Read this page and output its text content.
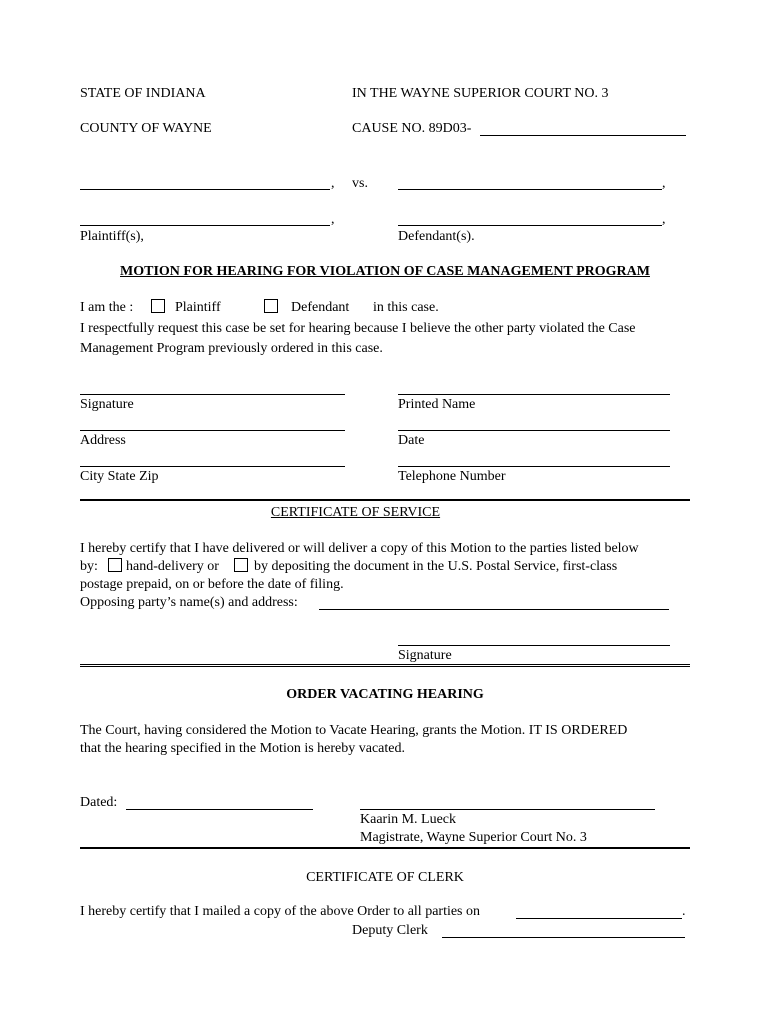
STATE OF INDIANA	IN THE WAYNE SUPERIOR COURT NO. 3
COUNTY OF WAYNE	CAUSE NO. 89D03-
, vs.	,
,	,
Plaintiff(s),	Defendant(s).
MOTION FOR HEARING FOR VIOLATION OF CASE MANAGEMENT PROGRAM
I am the :	Plaintiff	Defendant in this case.
I respectfully request this case be set for hearing because I believe the other party violated the Case
Management Program previously ordered in this case.
Signature	Printed Name
Address	Date
City State Zip	Telephone Number
CERTIFICATE OF SERVICE
I hereby certify that I have delivered or will deliver a copy of this Motion to the parties listed below
by: hand-delivery or	by depositing the document in the U.S. Postal Service, first-class
postage prepaid, on or before the date of filing.
Opposing party’s name(s) and address:
Signature
ORDER VACATING HEARING
The Court, having considered the Motion to Vacate Hearing, grants the Motion. IT IS ORDERED
that the hearing specified in the Motion is hereby vacated.
Dated:
Kaarin M. Lueck
Magistrate, Wayne Superior Court No. 3
CERTIFICATE OF CLERK
I hereby certify that I mailed a copy of the above Order to all parties on	.
Deputy Clerk
